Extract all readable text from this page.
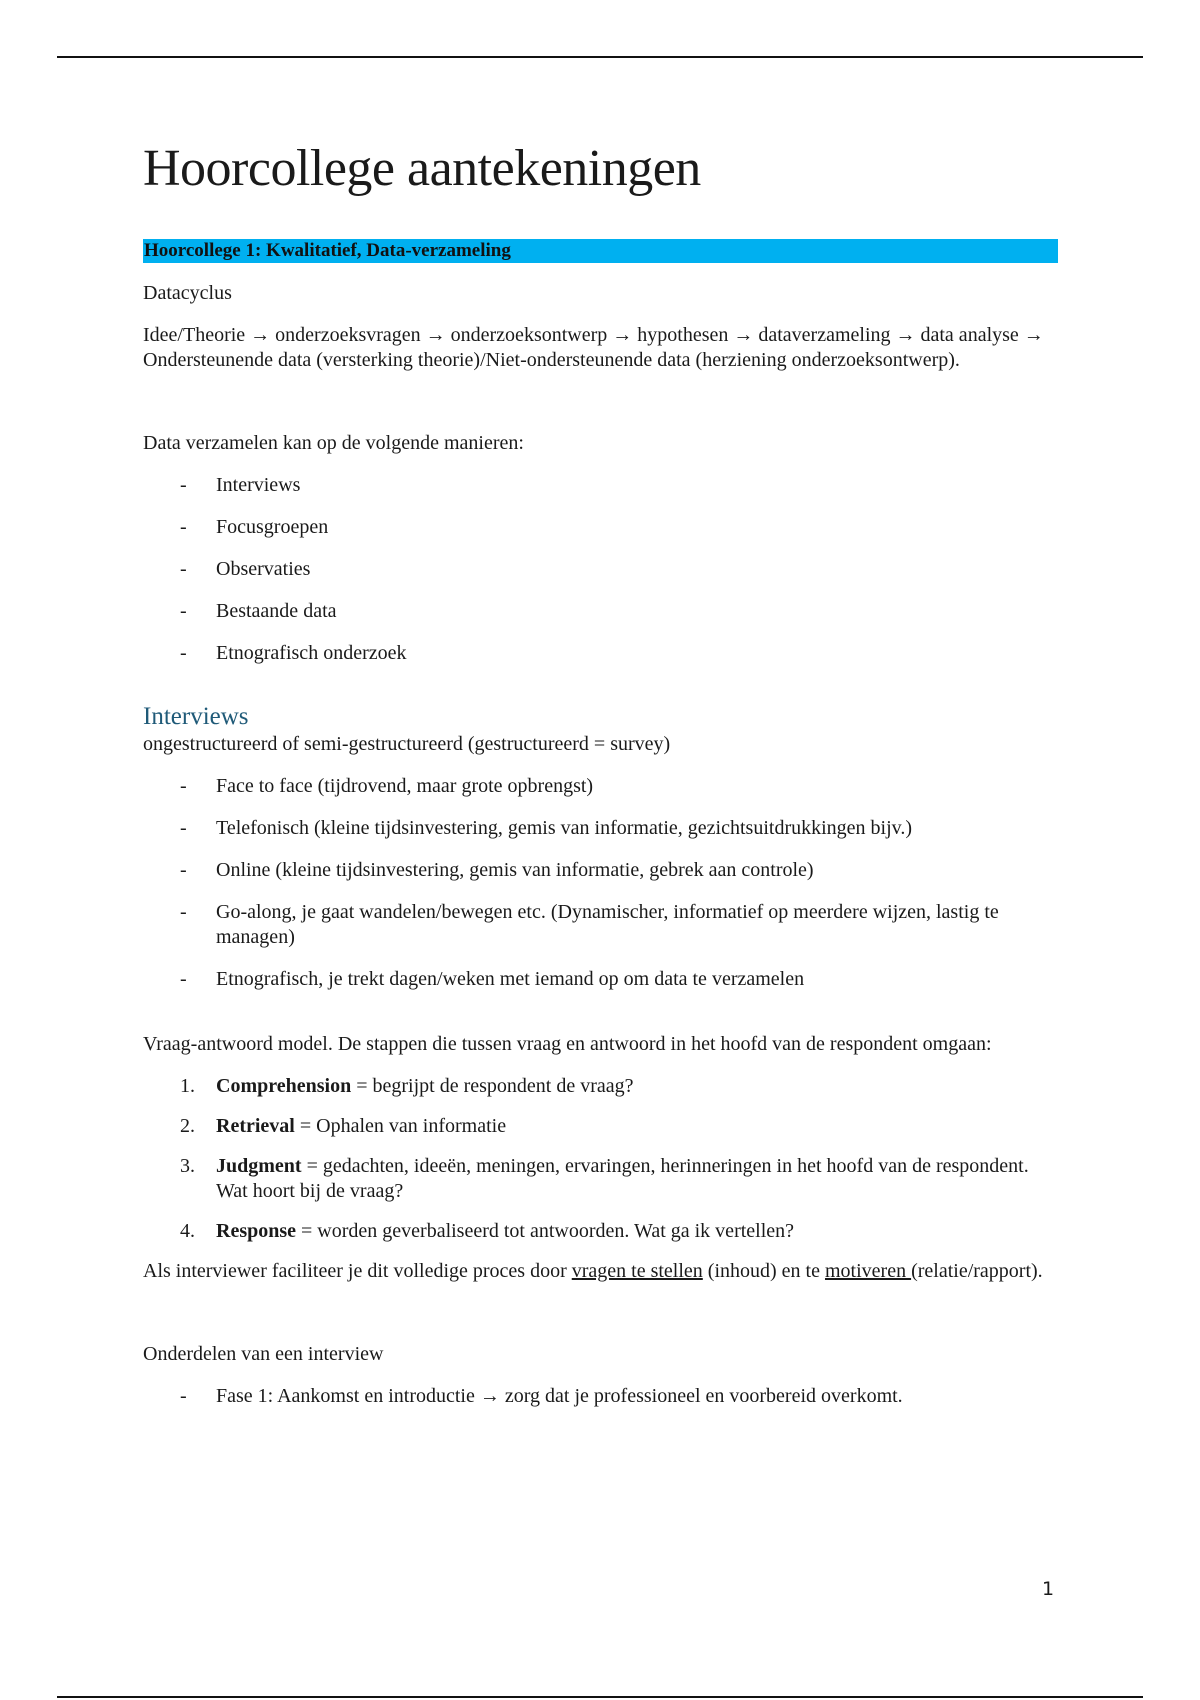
Hoorcollege aantekeningen
Hoorcollege 1: Kwalitatief, Data-verzameling

Datacyclus

Idee/Theorie → onderzoeksvragen → onderzoeksontwerp → hypothesen → dataverzameling → data analyse → Ondersteunende data (versterking theorie)/Niet-ondersteunende data (herziening onderzoeksontwerp).

Data verzamelen kan op de volgende manieren:

- Interviews
- Focusgroepen
- Observaties
- Bestaande data
- Etnografisch onderzoek
Interviews

ongestructureerd of semi-gestructureerd (gestructureerd = survey)

- Face to face (tijdrovend, maar grote opbrengst)
- Telefonisch (kleine tijdsinvestering, gemis van informatie, gezichtsuitdrukkingen bijv.)
- Online (kleine tijdsinvestering, gemis van informatie, gebrek aan controle)
- Go-along, je gaat wandelen/bewegen etc. (Dynamischer, informatief op meerdere wijzen, lastig te managen)
- Etnografisch, je trekt dagen/weken met iemand op om data te verzamelen

Vraag-antwoord model. De stappen die tussen vraag en antwoord in het hoofd van de respondent omgaan:

1. Comprehension = begrijpt de respondent de vraag?
2. Retrieval = Ophalen van informatie
3. Judgment = gedachten, ideeën, meningen, ervaringen, herinneringen in het hoofd van de respondent. Wat hoort bij de vraag?
4. Response = worden geverbaliseerd tot antwoorden. Wat ga ik vertellen?

Als interviewer faciliteer je dit volledige proces door vragen te stellen (inhoud) en te motiveren (relatie/rapport).

Onderdelen van een interview

- Fase 1: Aankomst en introductie → zorg dat je professioneel en voorbereid overkomt.
1
